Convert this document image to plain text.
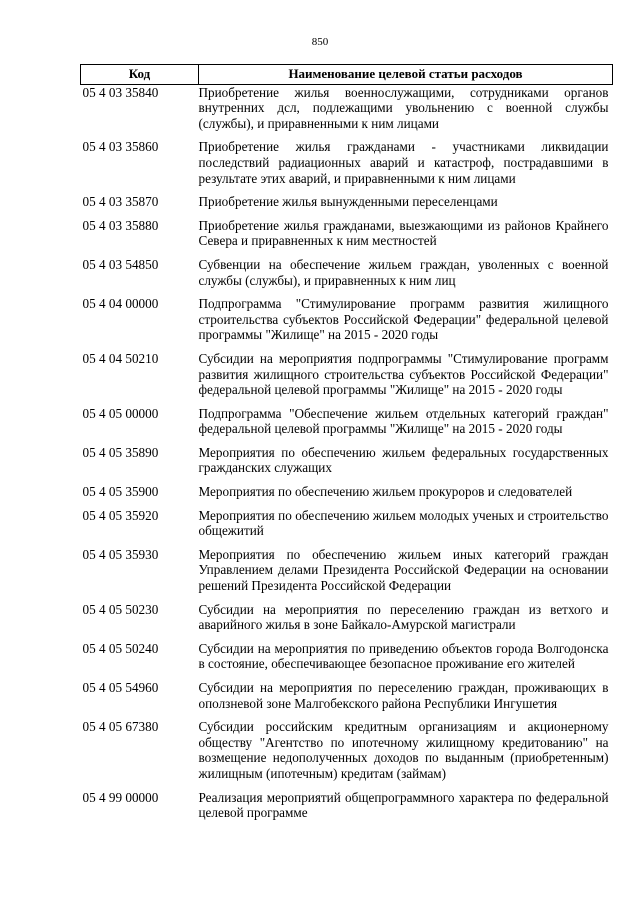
850
Код	Наименование целевой статьи расходов
05 4 03 35840	Приобретение жилья военнослужащими, сотрудниками органов внутренних дсл, подлежащими увольнению с военной службы (службы), и приравненными к ним лицами
05 4 03 35860	Приобретение жилья гражданами - участниками ликвидации последствий радиационных аварий и катастроф, пострадавшими в результате этих аварий, и приравненными к ним лицами
05 4 03 35870	Приобретение жилья вынужденными переселенцами
05 4 03 35880	Приобретение жилья гражданами, выезжающими из районов Крайнего Севера и приравненных к ним местностей
05 4 03 54850	Субвенции на обеспечение жильем граждан, уволенных с военной службы (службы), и приравненных к ним лиц
05 4 04 00000	Подпрограмма "Стимулирование программ развития жилищного строительства субъектов Российской Федерации" федеральной целевой программы "Жилище" на 2015 - 2020 годы
05 4 04 50210	Субсидии на мероприятия подпрограммы "Стимулирование программ развития жилищного строительства субъектов Российской Федерации" федеральной целевой программы "Жилище" на 2015 - 2020 годы
05 4 05 00000	Подпрограмма "Обеспечение жильем отдельных категорий граждан" федеральной целевой программы "Жилище" на 2015 - 2020 годы
05 4 05 35890	Мероприятия по обеспечению жильем федеральных государственных гражданских служащих
05 4 05 35900	Мероприятия по обеспечению жильем прокуроров и следователей
05 4 05 35920	Мероприятия по обеспечению жильем молодых ученых и строительство общежитий
05 4 05 35930	Мероприятия по обеспечению жильем иных категорий граждан Управлением делами Президента Российской Федерации на основании решений Президента Российской Федерации
05 4 05 50230	Субсидии на мероприятия по переселению граждан из ветхого и аварийного жилья в зоне Байкало-Амурской магистрали
05 4 05 50240	Субсидии на мероприятия по приведению объектов города Волгодонска в состояние, обеспечивающее безопасное проживание его жителей
05 4 05 54960	Субсидии на мероприятия по переселению граждан, проживающих в оползневой зоне Малгобекского района Республики Ингушетия
05 4 05 67380	Субсидии российским кредитным организациям и акционерному обществу "Агентство по ипотечному жилищному кредитованию" на возмещение недополученных доходов по выданным (приобретенным) жилищным (ипотечным) кредитам (займам)
05 4 99 00000	Реализация мероприятий общепрограммного характера по федеральной целевой программе
